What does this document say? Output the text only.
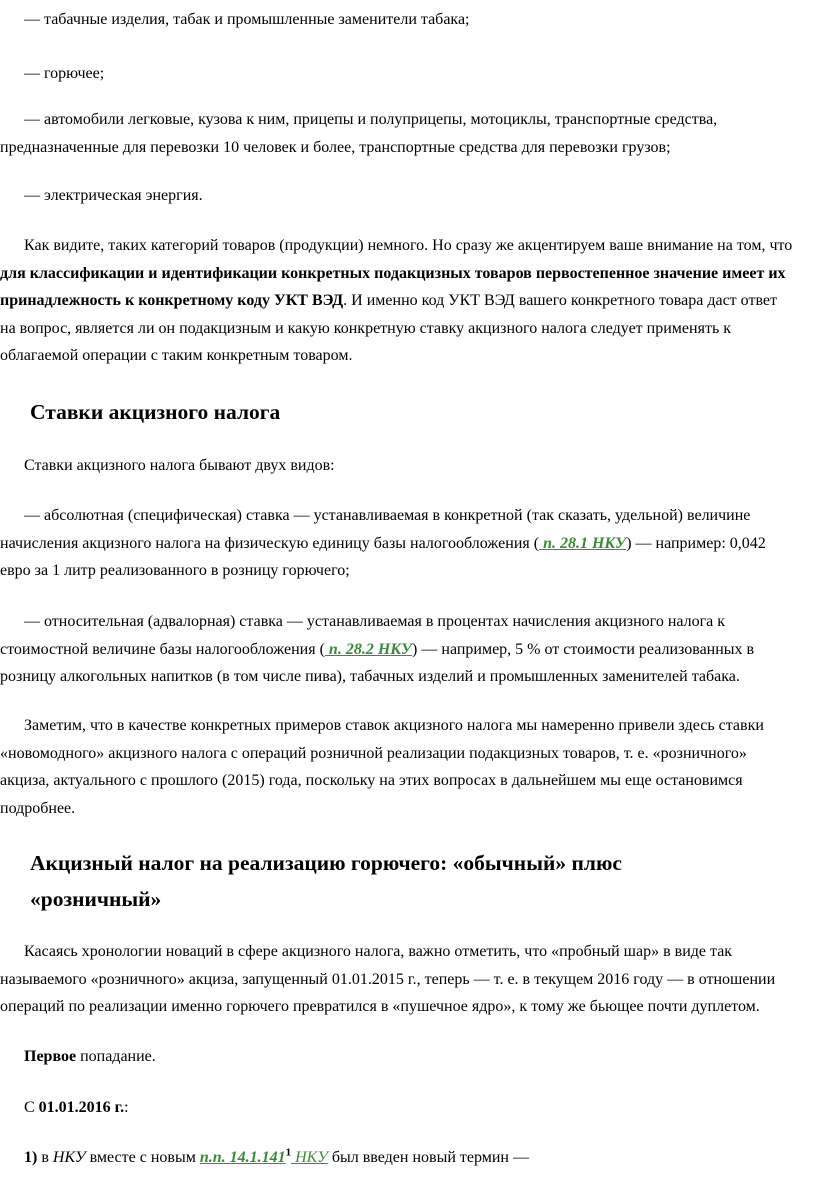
— табачные изделия, табак и промышленные заменители табака;

— горючее;

— автомобили легковые, кузова к ним, прицепы и полуприцепы, мотоциклы, транспортные средства,
предназначенные для перевозки 10 человек и более, транспортные средства для перевозки грузов;

— электрическая энергия.

Как видите, таких категорий товаров (продукции) немного. Но сразу же акцентируем ваше внимание на том, что
для классификации и идентификации конкретных подакцизных товаров первостепенное значение имеет их
принадлежность к конкретному коду УКТ ВЭД. И именно код УКТ ВЭД вашего конкретного товара даст ответ
на вопрос, является ли он подакцизным и какую конкретную ставку акцизного налога следует применять к
облагаемой операции с таким конкретным товаром.

Ставки акцизного налога

Ставки акцизного налога бывают двух видов:

— абсолютная (специфическая) ставка — устанавливаемая в конкретной (так сказать, удельной) величине
начисления акцизного налога на физическую единицу базы налогообложения ( п. 28.1 НКУ) — например: 0,042
евро за 1 литр реализованного в розницу горючего;

— относительная (адвалорная) ставка — устанавливаемая в процентах начисления акцизного налога к
стоимостной величине базы налогообложения ( п. 28.2 НКУ) — например, 5 % от стоимости реализованных в
розницу алкогольных напитков (в том числе пива), табачных изделий и промышленных заменителей табака.

Заметим, что в качестве конкретных примеров ставок акцизного налога мы намеренно привели здесь ставки
«новомодного» акцизного налога с операций розничной реализации подакцизных товаров, т. е. «розничного»
акциза, актуального с прошлого (2015) года, поскольку на этих вопросах в дальнейшем мы еще остановимся
подробнее.

Акцизный налог на реализацию горючего: «обычный» плюс
«розничный»

Касаясь хронологии новаций в сфере акцизного налога, важно отметить, что «пробный шар» в виде так
называемого «розничного» акциза, запущенный 01.01.2015 г., теперь — т. е. в текущем 2016 году — в отношении
операций по реализации именно горючего превратился в «пушечное ядро», к тому же бьющее почти дуплетом.

Первое попадание.

С 01.01.2016 г.:

1) в НКУ вместе с новым п.п. 14.1.141$^1$ НКУ был введен новый термин —
